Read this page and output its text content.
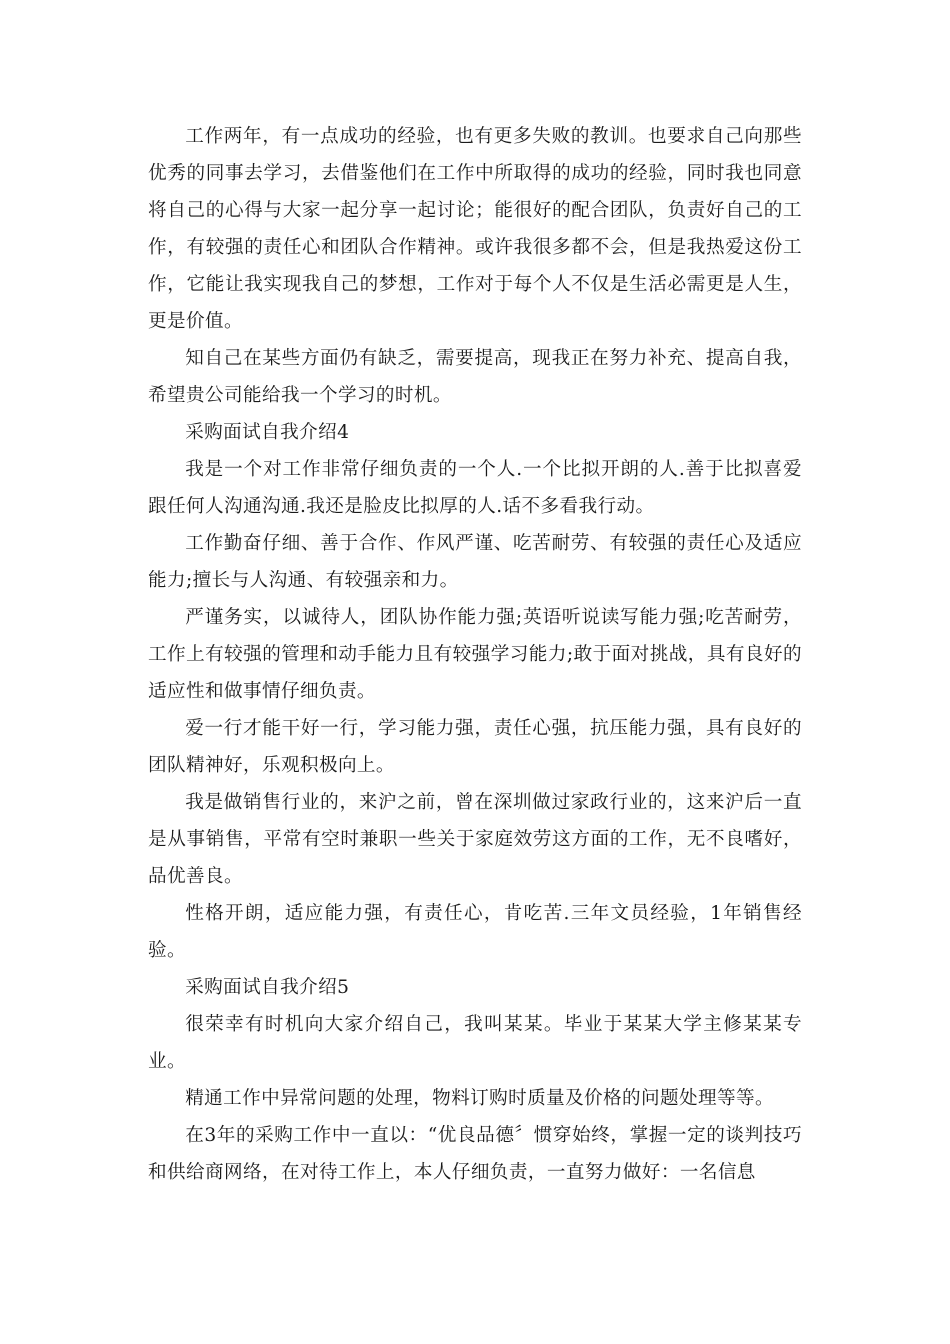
工作两年，有一点成功的经验，也有更多失败的教训。也要求自己向那些优秀的同事去学习，去借鉴他们在工作中所取得的成功的经验，同时我也同意将自己的心得与大家一起分享一起讨论；能很好的配合团队，负责好自己的工作，有较强的责任心和团队合作精神。或许我很多都不会，但是我热爱这份工作，它能让我实现我自己的梦想，工作对于每个人不仅是生活必需更是人生，更是价值。

知自己在某些方面仍有缺乏，需要提高，现我正在努力补充、提高自我，希望贵公司能给我一个学习的时机。

采购面试自我介绍4

我是一个对工作非常仔细负责的一个人.一个比拟开朗的人.善于比拟喜爱跟任何人沟通沟通.我还是脸皮比拟厚的人.话不多看我行动。

工作勤奋仔细、善于合作、作风严谨、吃苦耐劳、有较强的责任心及适应能力;擅长与人沟通、有较强亲和力。

严谨务实，以诚待人，团队协作能力强;英语听说读写能力强;吃苦耐劳，工作上有较强的管理和动手能力且有较强学习能力;敢于面对挑战，具有良好的适应性和做事情仔细负责。

爱一行才能干好一行，学习能力强，责任心强，抗压能力强，具有良好的团队精神好，乐观积极向上。

我是做销售行业的，来沪之前，曾在深圳做过家政行业的，这来沪后一直是从事销售，平常有空时兼职一些关于家庭效劳这方面的工作，无不良嗜好，品优善良。

性格开朗，适应能力强，有责任心，肯吃苦.三年文员经验，1年销售经验。

采购面试自我介绍5

很荣幸有时机向大家介绍自己，我叫某某。毕业于某某大学主修某某专业。

精通工作中异常问题的处理，物料订购时质量及价格的问题处理等等。

在3年的采购工作中一直以：“优良品德〞惯穿始终，掌握一定的谈判技巧和供给商网络，在对待工作上，本人仔细负责，一直努力做好：一名信息
